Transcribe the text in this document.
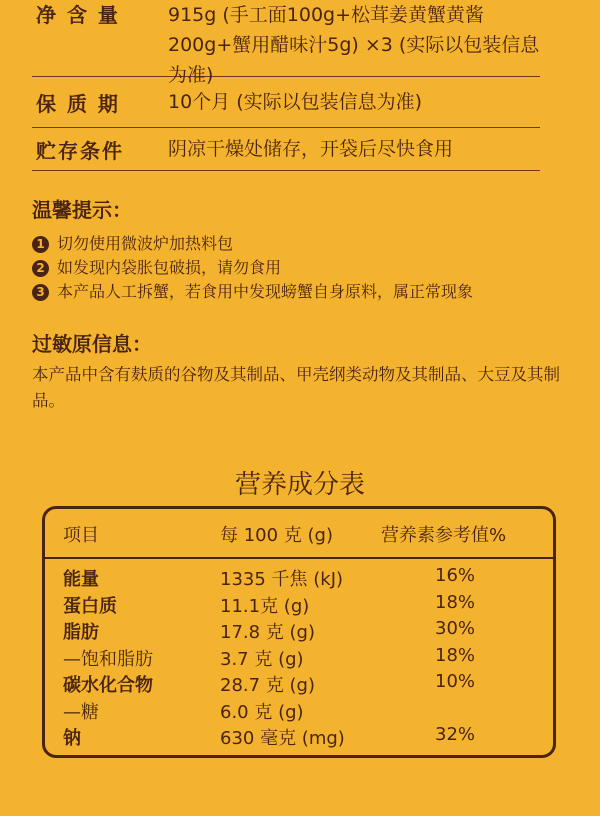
净 含 量	915g (手工面100g+松茸姜黄蟹黄酱200g+蟹用醋味汁5g) ×3 (实际以包装信息为准)
保 质 期	10个月 (实际以包装信息为准)
贮存条件	阴凉干燥处储存，开袋后尽快食用
温馨提示：
1 切勿使用微波炉加热料包
2 如发现内袋胀包破损，请勿食用
3 本产品人工拆蟹，若食用中发现螃蟹自身原料，属正常现象
过敏原信息：
本产品中含有麸质的谷物及其制品、甲壳纲类动物及其制品、大豆及其制品。
营养成分表
项目	每 100 克 (g)	营养素参考值%
能量	1335 千焦 (kJ)	16%
蛋白质	11.1克 (g)	18%
脂肪	17.8 克 (g)	30%
—饱和脂肪	3.7 克 (g)	18%
碳水化合物	28.7 克 (g)	10%
—糖	6.0 克 (g)
钠	630 毫克 (mg)	32%
